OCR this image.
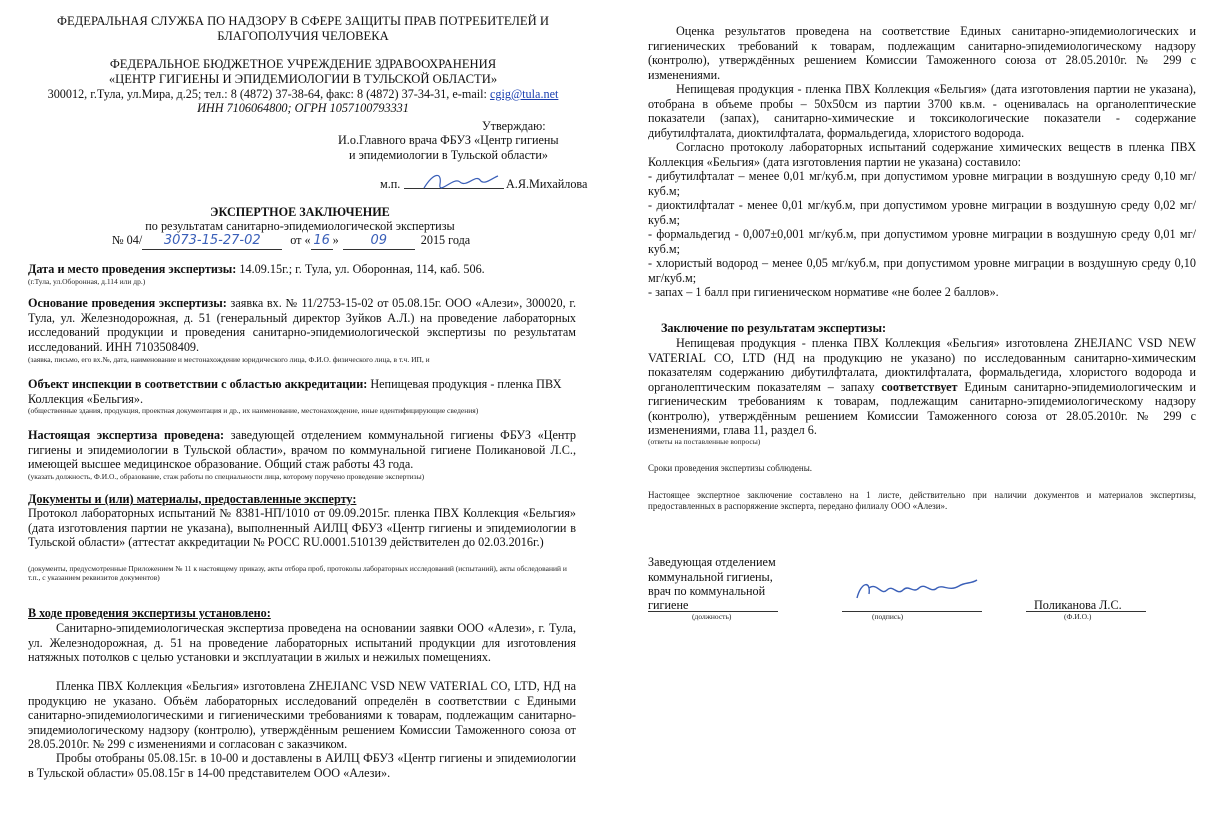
ФЕДЕРАЛЬНАЯ СЛУЖБА ПО НАДЗОРУ В СФЕРЕ ЗАЩИТЫ ПРАВ ПОТРЕБИТЕЛЕЙ И БЛАГОПОЛУЧИЯ ЧЕЛОВЕКА

ФЕДЕРАЛЬНОЕ БЮДЖЕТНОЕ УЧРЕЖДЕНИЕ ЗДРАВООХРАНЕНИЯ

«ЦЕНТР ГИГИЕНЫ И ЭПИДЕМИОЛОГИИ В ТУЛЬСКОЙ ОБЛАСТИ»

300012, г.Тула, ул.Мира, д.25; тел.: 8 (4872) 37-38-64, факс: 8 (4872) 37-34-31, e-mail: cgig@tula.net

ИНН 7106064800; ОГРН 1057100793331

Утверждаю:

И.о.Главного врача ФБУЗ «Центр гигиены

и эпидемиологии в Тульской области»

м.п.	А.Я.Михайлова

ЭКСПЕРТНОЕ ЗАКЛЮЧЕНИЕ

по результатам санитарно-эпидемиологической экспертизы

№ 04/ 3073-15-27-02 от « 16 » 09	2015 года

Дата и место проведения экспертизы: 14.09.15г.; г. Тула, ул. Оборонная, 114, каб. 506.

(г.Тула, ул.Оборонная, д.114 или др.)

Основание проведения экспертизы: заявка вх. № 11/2753-15-02 от 05.08.15г. ООО «Алези», 300020, г. Тула, ул. Железнодорожная, д. 51 (генеральный директор Зуйков А.Л.) на проведение лабораторных исследований продукции и проведения санитарно-эпидемиологической экспертизы по результатам исследований. ИНН 7103508409.

(заявка, письмо, его вх.№, дата, наименование и местонахождение юридического лица, Ф.И.О. физического лица, в т.ч. ИП, и

Объект инспекции в соответствии с областью аккредитации: Непищевая продукция - пленка ПВХ Коллекция «Бельгия».

(общественные здания, продукция, проектная документация и др., их наименование, местонахождение, иные идентифицирующие сведения)

Настоящая экспертиза проведена: заведующей отделением коммунальной гигиены ФБУЗ «Центр гигиены и эпидемиологии в Тульской области», врачом по коммунальной гигиене Поликановой Л.С., имеющей высшее медицинское образование. Общий стаж работы 43 года.

(указать должность, Ф.И.О., образование, стаж работы по специальности лица, которому поручено проведение экспертизы)

Документы и (или) материалы, предоставленные эксперту:

Протокол лабораторных испытаний № 8381-НП/1010 от 09.09.2015г. пленка ПВХ Коллекция «Бельгия» (дата изготовления партии не указана), выполненный АИЛЦ ФБУЗ «Центр гигиены и эпидемиологии в Тульской области» (аттестат аккредитации № РОСС RU.0001.510139 действителен до 02.03.2016г.)

(документы, предусмотренные Приложением № 11 к настоящему приказу, акты отбора проб, протоколы лабораторных исследований (испытаний), акты обследований и т.п., с указанием реквизитов документов)

В ходе проведения экспертизы установлено:

Санитарно-эпидемиологическая экспертиза проведена на основании заявки ООО «Алези», г. Тула, ул. Железнодорожная, д. 51 на проведение лабораторных испытаний продукции для изготовления натяжных потолков с целью установки и эксплуатации в жилых и нежилых помещениях.

Пленка ПВХ Коллекция «Бельгия» изготовлена ZHEJIANC VSD NEW VATERIAL CO, LTD, НД на продукцию не указано. Объём лабораторных исследований определён в соответствии с Едиными санитарно-эпидемиологическими и гигиеническими требованиями к товарам, подлежащим санитарно-эпидемиологическому надзору (контролю), утверждённым решением Комиссии Таможенного союза от 28.05.2010г. № 299 с изменениями и согласован с заказчиком.

Пробы отобраны 05.08.15г. в 10-00 и доставлены в АИЛЦ ФБУЗ «Центр гигиены и эпидемиологии в Тульской области» 05.08.15г в 14-00 представителем ООО «Алези».

Оценка результатов проведена на соответствие Единых санитарно-эпидемиологических и гигиенических требований к товарам, подлежащим санитарно-эпидемиологическому надзору (контролю), утверждённых решением Комиссии Таможенного союза от 28.05.2010г. № 299 с изменениями.

Непищевая продукция - пленка ПВХ Коллекция «Бельгия» (дата изготовления партии не указана), отобрана в объеме пробы – 50х50см из партии 3700 кв.м. - оценивалась на органолептические показатели (запах), санитарно-химические и токсикологические показатели - содержание дибутилфталата, диоктилфталата, формальдегида, хлористого водорода.

Согласно протоколу лабораторных испытаний содержание химических веществ в пленка ПВХ Коллекция «Бельгия» (дата изготовления партии не указана) составило:

- дибутилфталат – менее 0,01 мг/куб.м, при допустимом уровне миграции в воздушную среду 0,10 мг/куб.м;

- диоктилфталат - менее 0,01 мг/куб.м, при допустимом уровне миграции в воздушную среду 0,02 мг/куб.м;

- формальдегид - 0,007±0,001 мг/куб.м, при допустимом уровне миграции в воздушную среду 0,01 мг/куб.м;

- хлористый водород – менее 0,05 мг/куб.м, при допустимом уровне миграции в воздушную среду 0,10 мг/куб.м;

- запах – 1 балл при гигиеническом нормативе «не более 2 баллов».

Заключение по результатам экспертизы:

Непищевая продукция - пленка ПВХ Коллекция «Бельгия» изготовлена ZHEJIANC VSD NEW VATERIAL CO, LTD (НД на продукцию не указано) по исследованным санитарно-химическим показателям содержанию дибутилфталата, диоктилфталата, формальдегида, хлористого водорода и органолептическим показателям – запаху соответствует Единым санитарно-эпидемиологическим и гигиеническим требованиям к товарам, подлежащим санитарно-эпидемиологическому надзору (контролю), утверждённым решением Комиссии Таможенного союза от 28.05.2010г. № 299 с изменениями, глава 11, раздел 6.

(ответы на поставленные вопросы)

Сроки проведения экспертизы соблюдены.

Настоящее экспертное заключение составлено на 1 листе, действительно при наличии документов и материалов экспертизы, предоставленных в распоряжение эксперта, передано филиалу ООО «Алези».

Заведующая отделением

коммунальной гигиены,

врач по коммунальной

гигиене	Поликанова Л.С.

(должность)	(подпись)	(Ф.И.О.)
